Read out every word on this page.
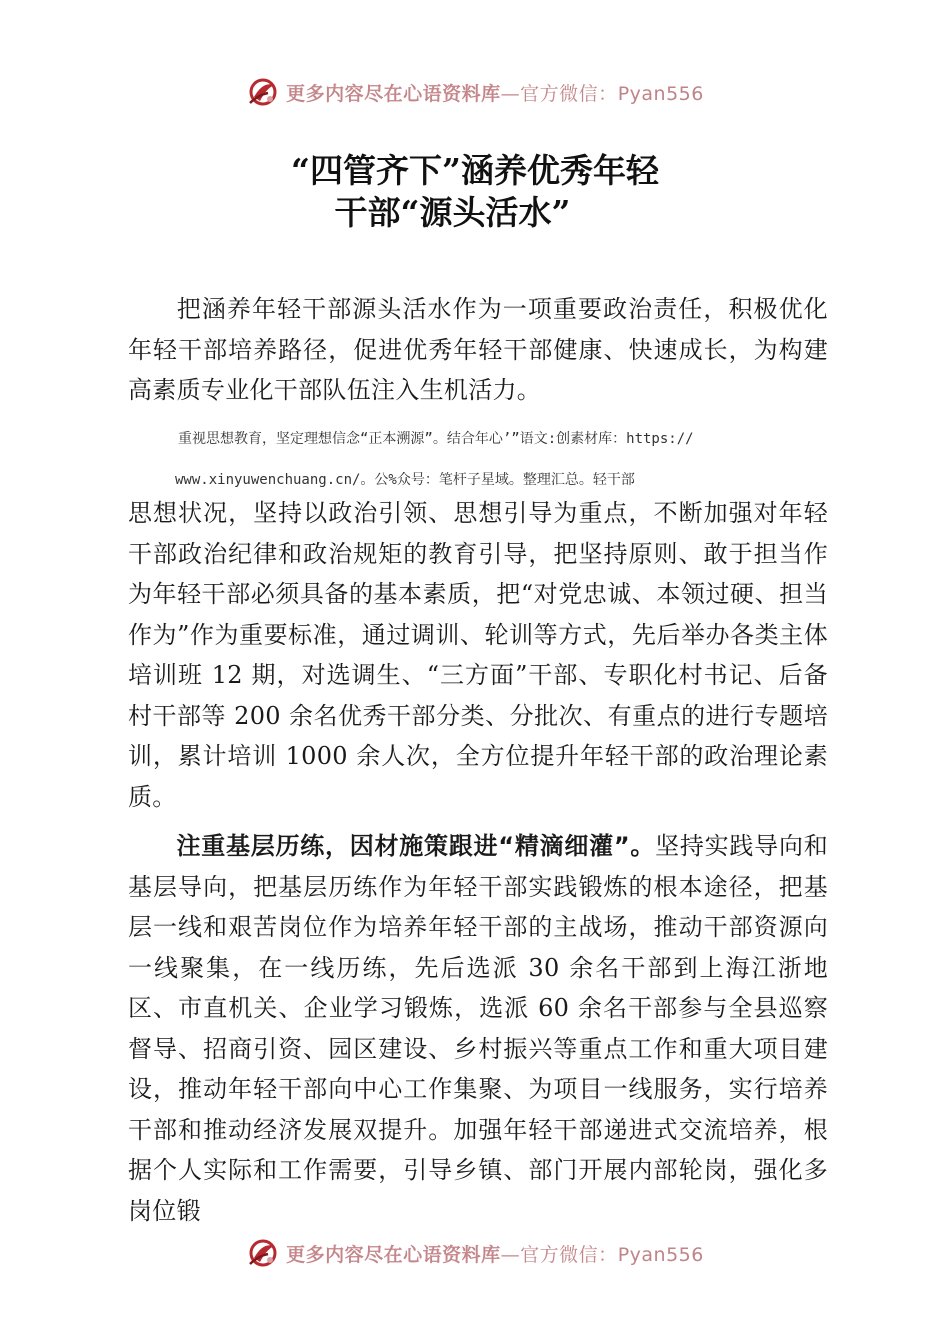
更多内容尽在心语资料库—官方微信：Pyan556
“四管齐下”涵养优秀年轻
干部“源头活水”
把涵养年轻干部源头活水作为一项重要政治责任，积极优化年轻干部培养路径，促进优秀年轻干部健康、快速成长，为构建高素质专业化干部队伍注入生机活力。
重视思想教育，坚定理想信念“正本溯源”。结合年心’”语文:创素材库：https://
www.xinyuwenchuang.cn/。公%众号：笔杆子星域。整理汇总。轻干部
思想状况，坚持以政治引领、思想引导为重点，不断加强对年轻干部政治纪律和政治规矩的教育引导，把坚持原则、敢于担当作为年轻干部必须具备的基本素质，把“对党忠诚、本领过硬、担当作为”作为重要标准，通过调训、轮训等方式，先后举办各类主体培训班 12 期，对选调生、“三方面”干部、专职化村书记、后备村干部等 200 余名优秀干部分类、分批次、有重点的进行专题培训，累计培训 1000 余人次，全方位提升年轻干部的政治理论素质。
注重基层历练，因材施策跟进“精滴细灌”。坚持实践导向和基层导向，把基层历练作为年轻干部实践锻炼的根本途径，把基层一线和艰苦岗位作为培养年轻干部的主战场，推动干部资源向一线聚集，在一线历练，先后选派 30 余名干部到上海江浙地区、市直机关、企业学习锻炼，选派 60 余名干部参与全县巡察督导、招商引资、园区建设、乡村振兴等重点工作和重大项目建设，推动年轻干部向中心工作集聚、为项目一线服务，实行培养干部和推动经济发展双提升。加强年轻干部递进式交流培养，根据个人实际和工作需要，引导乡镇、部门开展内部轮岗，强化多岗位锻
更多内容尽在心语资料库—官方微信：Pyan556
